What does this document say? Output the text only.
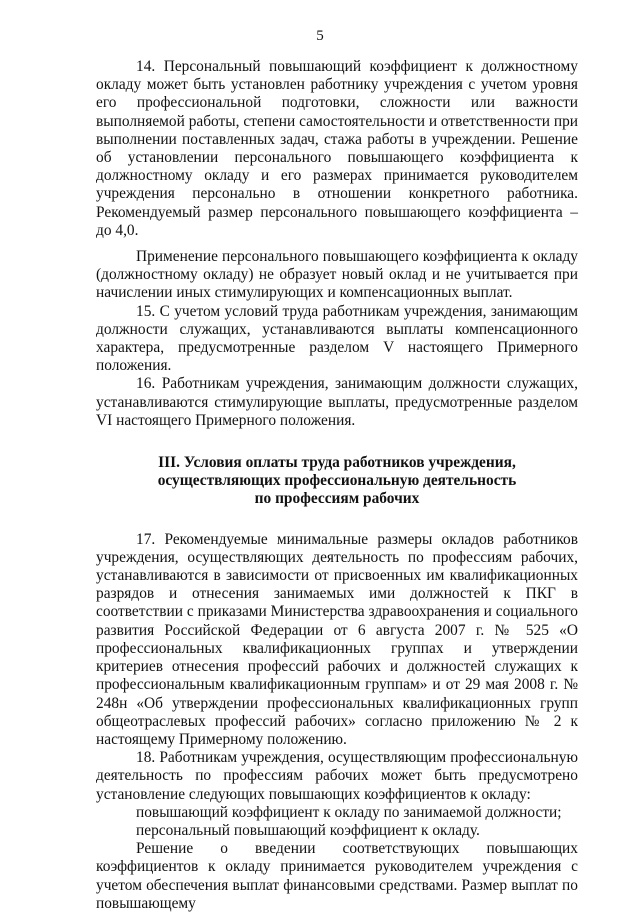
5

14. Персональный повышающий коэффициент к должностному окладу может быть установлен работнику учреждения с учетом уровня его профессиональной подготовки, сложности или важности выполняемой работы, степени самостоятельности и ответственности при выполнении поставленных задач, стажа работы в учреждении. Решение об установлении персонального повышающего коэффициента к должностному окладу и его размерах принимается руководителем учреждения персонально в отношении конкретного работника. Рекомендуемый размер персонального повышающего коэффициента – до 4,0.

Применение персонального повышающего коэффициента к окладу (должностному окладу) не образует новый оклад и не учитывается при начислении иных стимулирующих и компенсационных выплат.

15. С учетом условий труда работникам учреждения, занимающим должности служащих, устанавливаются выплаты компенсационного характера, предусмотренные разделом V настоящего Примерного положения.

16. Работникам учреждения, занимающим должности служащих, устанавливаются стимулирующие выплаты, предусмотренные разделом VI настоящего Примерного положения.

III. Условия оплаты труда работников учреждения,
осуществляющих профессиональную деятельность
по профессиям рабочих

17. Рекомендуемые минимальные размеры окладов работников учреждения, осуществляющих деятельность по профессиям рабочих, устанавливаются в зависимости от присвоенных им квалификационных разрядов и отнесения занимаемых ими должностей к ПКГ в соответствии с приказами Министерства здравоохранения и социального развития Российской Федерации от 6 августа 2007 г. № 525 «О профессиональных квалификационных группах и утверждении критериев отнесения профессий рабочих и должностей служащих к профессиональным квалификационным группам» и от 29 мая 2008 г. № 248н «Об утверждении профессиональных квалификационных групп общеотраслевых профессий рабочих» согласно приложению № 2 к настоящему Примерному положению.

18. Работникам учреждения, осуществляющим профессиональную деятельность по профессиям рабочих может быть предусмотрено установление следующих повышающих коэффициентов к окладу:

повышающий коэффициент к окладу по занимаемой должности;

персональный повышающий коэффициент к окладу.

Решение о введении соответствующих повышающих коэффициентов к окладу принимается руководителем учреждения с учетом обеспечения выплат финансовыми средствами. Размер выплат по повышающему
